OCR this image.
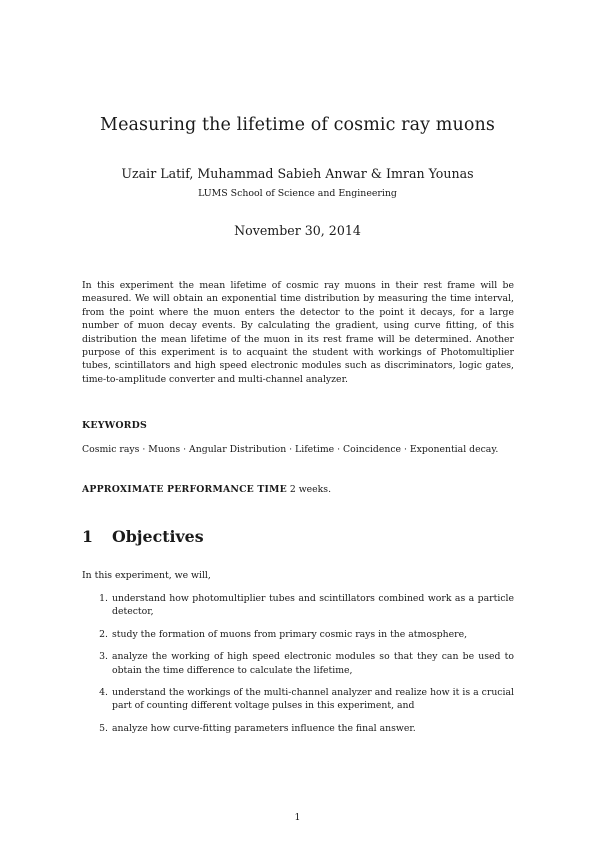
Measuring the lifetime of cosmic ray muons
Uzair Latif, Muhammad Sabieh Anwar & Imran Younas
LUMS School of Science and Engineering
November 30, 2014

In this experiment the mean lifetime of cosmic ray muons in their rest frame will be measured. We will obtain an exponential time distribution by measuring the time interval, from the point where the muon enters the detector to the point it decays, for a large number of muon decay events. By calculating the gradient, using curve fitting, of this distribution the mean lifetime of the muon in its rest frame will be determined. Another purpose of this experiment is to acquaint the student with workings of Photomultiplier tubes, scintillators and high speed electronic modules such as discriminators, logic gates, time-to-amplitude converter and multi-channel analyzer.

KEYWORDS

Cosmic rays · Muons · Angular Distribution · Lifetime · Coincidence · Exponential decay.

APPROXIMATE PERFORMANCE TIME 2 weeks.
1 Objectives
In this experiment, we will,
1. understand how photomultiplier tubes and scintillators combined work as a particle detector,
2. study the formation of muons from primary cosmic rays in the atmosphere,
3. analyze the working of high speed electronic modules so that they can be used to obtain the time difference to calculate the lifetime,
4. understand the workings of the multi-channel analyzer and realize how it is a crucial part of counting different voltage pulses in this experiment, and
5. analyze how curve-fitting parameters influence the final answer.
1
